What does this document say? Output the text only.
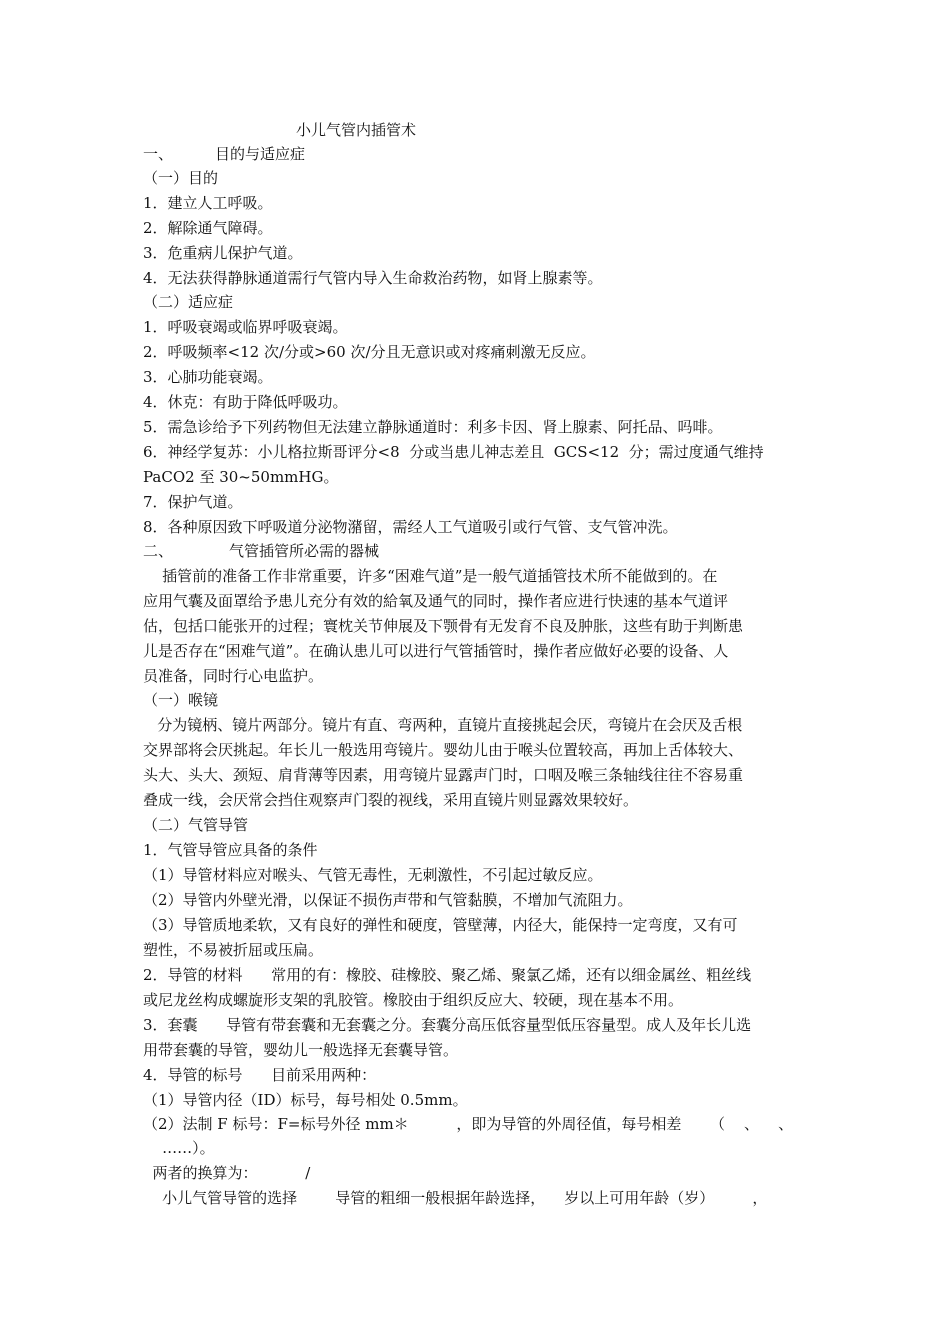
小儿气管内插管术
一、	目的与适应症
（一）目的
1．建立人工呼吸。
2．解除通气障碍。
3．危重病儿保护气道。
4．无法获得静脉通道需行气管内导入生命救治药物，如肾上腺素等。
（二）适应症
1．呼吸衰竭或临界呼吸衰竭。
2．呼吸频率<12 次/分或>60 次/分且无意识或对疼痛刺激无反应。
3．心肺功能衰竭。
4．休克：有助于降低呼吸功。
5．需急诊给予下列药物但无法建立静脉通道时：利多卡因、肾上腺素、阿托品、吗啡。
6．神经学复苏：小儿格拉斯哥评分<8  分或当患儿神志差且  GCS<12  分；需过度通气维持
PaCO2 至 30~50mmHG。
7．保护气道。
8．各种原因致下呼吸道分泌物潴留，需经人工气道吸引或行气管、支气管冲洗。
二、	气管插管所必需的器械
插管前的准备工作非常重要，许多“困难气道”是一般气道插管技术所不能做到的。在
应用气囊及面罩给予患儿充分有效的給氧及通气的同时，操作者应进行快速的基本气道评
估，包括口能张开的过程；寰枕关节伸展及下颚骨有无发育不良及肿胀，这些有助于判断患
儿是否存在“困难气道”。在确认患儿可以进行气管插管时，操作者应做好必要的设备、人
员准备，同时行心电监护。
（一）喉镜
分为镜柄、镜片两部分。镜片有直、弯两种，直镜片直接挑起会厌，弯镜片在会厌及舌根
交界部将会厌挑起。年长儿一般选用弯镜片。婴幼儿由于喉头位置较高，再加上舌体较大、
头大、头大、颈短、肩背薄等因素，用弯镜片显露声门时，口咽及喉三条轴线往往不容易重
叠成一线，会厌常会挡住观察声门裂的视线，采用直镜片则显露效果较好。
（二）气管导管
1．气管导管应具备的条件
（1）导管材料应对喉头、气管无毒性，无刺激性，不引起过敏反应。
（2）导管内外壁光滑，以保证不损伤声带和气管黏膜，不增加气流阻力。
（3）导管质地柔软，又有良好的弹性和硬度，管壁薄，内径大，能保持一定弯度，又有可
塑性，不易被折屈或压扁。
2．导管的材料      常用的有：橡胶、硅橡胶、聚乙烯、聚氯乙烯，还有以细金属丝、粗丝线
或尼龙丝构成螺旋形支架的乳胶管。橡胶由于组织反应大、较硬，现在基本不用。
3．套囊      导管有带套囊和无套囊之分。套囊分高压低容量型低压容量型。成人及年长儿选
用带套囊的导管，婴幼儿一般选择无套囊导管。
4．导管的标号      目前采用两种：
（1）导管内径（ID）标号，每号相处 0.5mm。
（2）法制 F 标号：F=标号外径 mm＊          ，即为导管的外周径值，每号相差      （    、    、
……）。
两者的换算为：          /
小儿气管导管的选择        导管的粗细一般根据年龄选择，    岁以上可用年龄（岁）        ，
